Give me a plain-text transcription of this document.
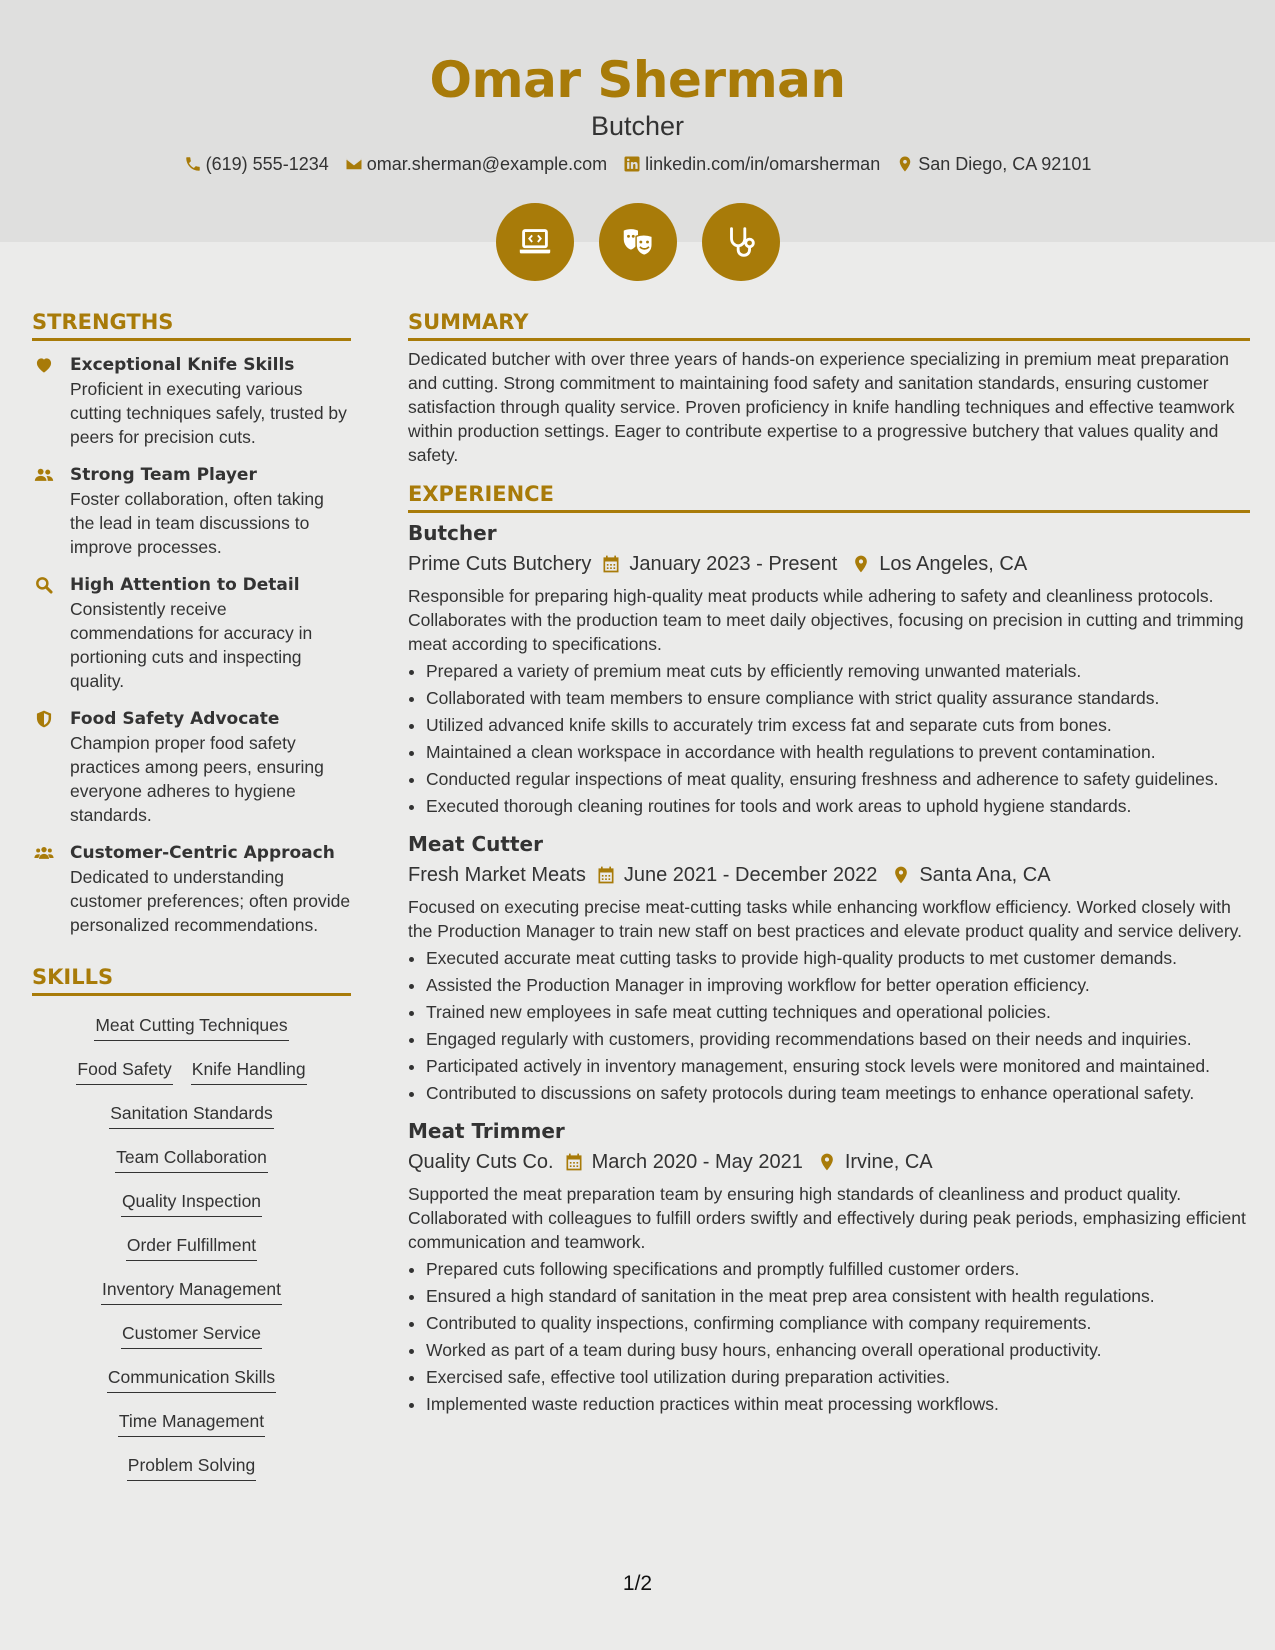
Omar Sherman
Butcher
(619) 555-1234 omar.sherman@example.com linkedin.com/in/omarsherman San Diego, CA 92101
STRENGTHS
Exceptional Knife Skills
Proficient in executing various cutting techniques safely, trusted by peers for precision cuts.
Strong Team Player
Foster collaboration, often taking the lead in team discussions to improve processes.
High Attention to Detail
Consistently receive commendations for accuracy in portioning cuts and inspecting quality.
Food Safety Advocate
Champion proper food safety practices among peers, ensuring everyone adheres to hygiene standards.
Customer-Centric Approach
Dedicated to understanding customer preferences; often provide personalized recommendations.
SKILLS
Meat Cutting Techniques
Food Safety Knife Handling
Sanitation Standards
Team Collaboration
Quality Inspection
Order Fulfillment
Inventory Management
Customer Service
Communication Skills
Time Management
Problem Solving
SUMMARY
Dedicated butcher with over three years of hands-on experience specializing in premium meat preparation and cutting. Strong commitment to maintaining food safety and sanitation standards, ensuring customer satisfaction through quality service. Proven proficiency in knife handling techniques and effective teamwork within production settings. Eager to contribute expertise to a progressive butchery that values quality and safety.
EXPERIENCE
Butcher
Prime Cuts Butchery January 2023 - Present Los Angeles, CA
Responsible for preparing high-quality meat products while adhering to safety and cleanliness protocols. Collaborates with the production team to meet daily objectives, focusing on precision in cutting and trimming meat according to specifications.
• Prepared a variety of premium meat cuts by efficiently removing unwanted materials.
• Collaborated with team members to ensure compliance with strict quality assurance standards.
• Utilized advanced knife skills to accurately trim excess fat and separate cuts from bones.
• Maintained a clean workspace in accordance with health regulations to prevent contamination.
• Conducted regular inspections of meat quality, ensuring freshness and adherence to safety guidelines.
• Executed thorough cleaning routines for tools and work areas to uphold hygiene standards.
Meat Cutter
Fresh Market Meats June 2021 - December 2022 Santa Ana, CA
Focused on executing precise meat-cutting tasks while enhancing workflow efficiency. Worked closely with the Production Manager to train new staff on best practices and elevate product quality and service delivery.
• Executed accurate meat cutting tasks to provide high-quality products to met customer demands.
• Assisted the Production Manager in improving workflow for better operation efficiency.
• Trained new employees in safe meat cutting techniques and operational policies.
• Engaged regularly with customers, providing recommendations based on their needs and inquiries.
• Participated actively in inventory management, ensuring stock levels were monitored and maintained.
• Contributed to discussions on safety protocols during team meetings to enhance operational safety.
Meat Trimmer
Quality Cuts Co. March 2020 - May 2021 Irvine, CA
Supported the meat preparation team by ensuring high standards of cleanliness and product quality. Collaborated with colleagues to fulfill orders swiftly and effectively during peak periods, emphasizing efficient communication and teamwork.
• Prepared cuts following specifications and promptly fulfilled customer orders.
• Ensured a high standard of sanitation in the meat prep area consistent with health regulations.
• Contributed to quality inspections, confirming compliance with company requirements.
• Worked as part of a team during busy hours, enhancing overall operational productivity.
• Exercised safe, effective tool utilization during preparation activities.
• Implemented waste reduction practices within meat processing workflows.
1/2
